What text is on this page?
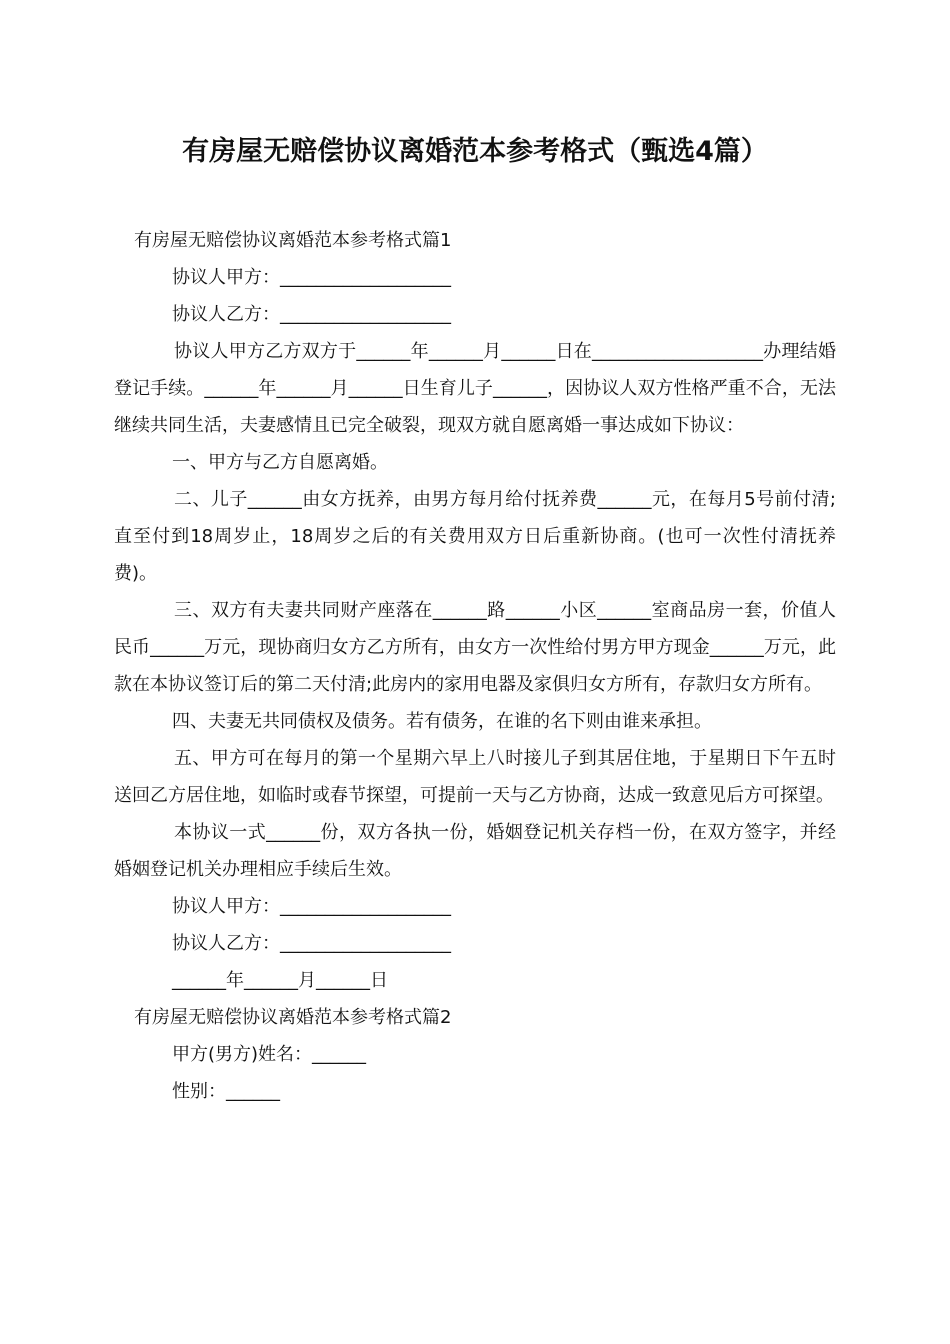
有房屋无赔偿协议离婚范本参考格式（甄选4篇）
有房屋无赔偿协议离婚范本参考格式篇1
协议人甲方：___________________
协议人乙方：___________________
协议人甲方乙方双方于______年______月______日在___________________办理结婚登记手续。______年______月______日生育儿子______，因协议人双方性格严重不合，无法继续共同生活，夫妻感情且已完全破裂，现双方就自愿离婚一事达成如下协议：
一、甲方与乙方自愿离婚。
二、儿子______由女方抚养，由男方每月给付抚养费______元，在每月5号前付清;直至付到18周岁止，18周岁之后的有关费用双方日后重新协商。(也可一次性付清抚养费)。
三、双方有夫妻共同财产座落在______路______小区______室商品房一套，价值人民币______万元，现协商归女方乙方所有，由女方一次性给付男方甲方现金______万元，此款在本协议签订后的第二天付清;此房内的家用电器及家俱归女方所有，存款归女方所有。
四、夫妻无共同债权及债务。若有债务，在谁的名下则由谁来承担。
五、甲方可在每月的第一个星期六早上八时接儿子到其居住地，于星期日下午五时送回乙方居住地，如临时或春节探望，可提前一天与乙方协商，达成一致意见后方可探望。
本协议一式______份，双方各执一份，婚姻登记机关存档一份，在双方签字，并经婚姻登记机关办理相应手续后生效。
协议人甲方：___________________
协议人乙方：___________________
______年______月______日
有房屋无赔偿协议离婚范本参考格式篇2
甲方(男方)姓名：______
性别：______
